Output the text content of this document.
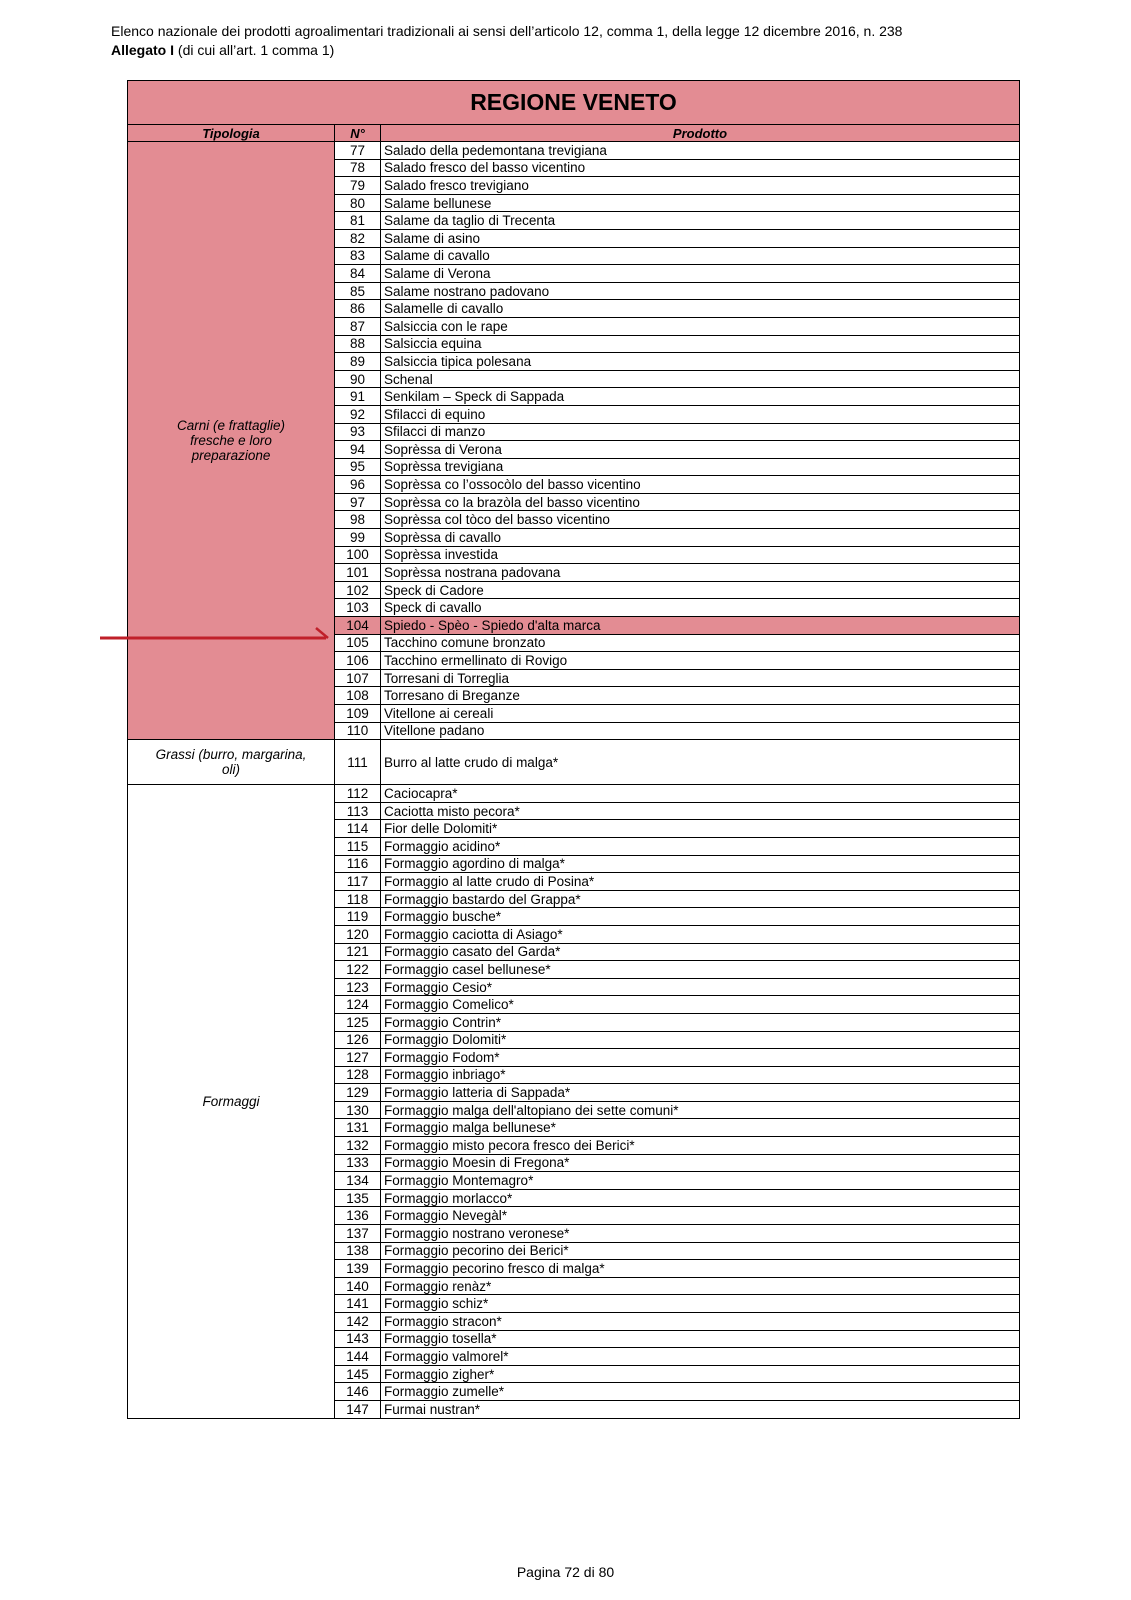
Elenco nazionale dei prodotti agroalimentari tradizionali ai sensi dell’articolo 12, comma 1, della legge 12 dicembre 2016, n. 238
Allegato I (di cui all’art. 1 comma 1)
REGIONE VENETO		
Tipologia	N°	Prodotto
Carni (e frattaglie)
fresche e loro
preparazione	77	Salado della pedemontana trevigiana
	78	Salado fresco del basso vicentino
	79	Salado fresco trevigiano
	80	Salame bellunese
	81	Salame da taglio di Trecenta
	82	Salame di asino
	83	Salame di cavallo
	84	Salame di Verona
	85	Salame nostrano padovano
	86	Salamelle di cavallo
	87	Salsiccia con le rape
	88	Salsiccia equina
	89	Salsiccia tipica polesana
	90	Schenal
	91	Senkilam – Speck di Sappada
	92	Sfilacci di equino
	93	Sfilacci di manzo
	94	Soprèssa di Verona
	95	Soprèssa trevigiana
	96	Soprèssa co l’ossocòlo del basso vicentino
	97	Soprèssa co la brazòla del basso vicentino
	98	Soprèssa col tòco del basso vicentino
	99	Soprèssa di cavallo
	100	Soprèssa investida
	101	Soprèssa nostrana padovana
	102	Speck di Cadore
	103	Speck di cavallo
	104	Spiedo - Spèo - Spiedo d'alta marca
	105	Tacchino comune bronzato
	106	Tacchino ermellinato di Rovigo
	107	Torresani di Torreglia
	108	Torresano di Breganze
	109	Vitellone ai cereali
	110	Vitellone padano
Grassi (burro, margarina,
oli)	111	Burro al latte crudo di malga*
Formaggi	112	Caciocapra*
	113	Caciotta misto pecora*
	114	Fior delle Dolomiti*
	115	Formaggio acidino*
	116	Formaggio agordino di malga*
	117	Formaggio al latte crudo di Posina*
	118	Formaggio bastardo del Grappa*
	119	Formaggio busche*
	120	Formaggio caciotta di Asiago*
	121	Formaggio casato del Garda*
	122	Formaggio casel bellunese*
	123	Formaggio Cesio*
	124	Formaggio Comelico*
	125	Formaggio Contrin*
	126	Formaggio Dolomiti*
	127	Formaggio Fodom*
	128	Formaggio inbriago*
	129	Formaggio latteria di Sappada*
	130	Formaggio malga dell'altopiano dei sette comuni*
	131	Formaggio malga bellunese*
	132	Formaggio misto pecora fresco dei Berici*
	133	Formaggio Moesin di Fregona*
	134	Formaggio Montemagro*
	135	Formaggio morlacco*
	136	Formaggio Nevegàl*
	137	Formaggio nostrano veronese*
	138	Formaggio pecorino dei Berici*
	139	Formaggio pecorino fresco di malga*
	140	Formaggio renàz*
	141	Formaggio schiz*
	142	Formaggio stracon*
	143	Formaggio tosella*
	144	Formaggio valmorel*
	145	Formaggio zigher*
	146	Formaggio zumelle*
	147	Furmai nustran*
Pagina 72 di 80
